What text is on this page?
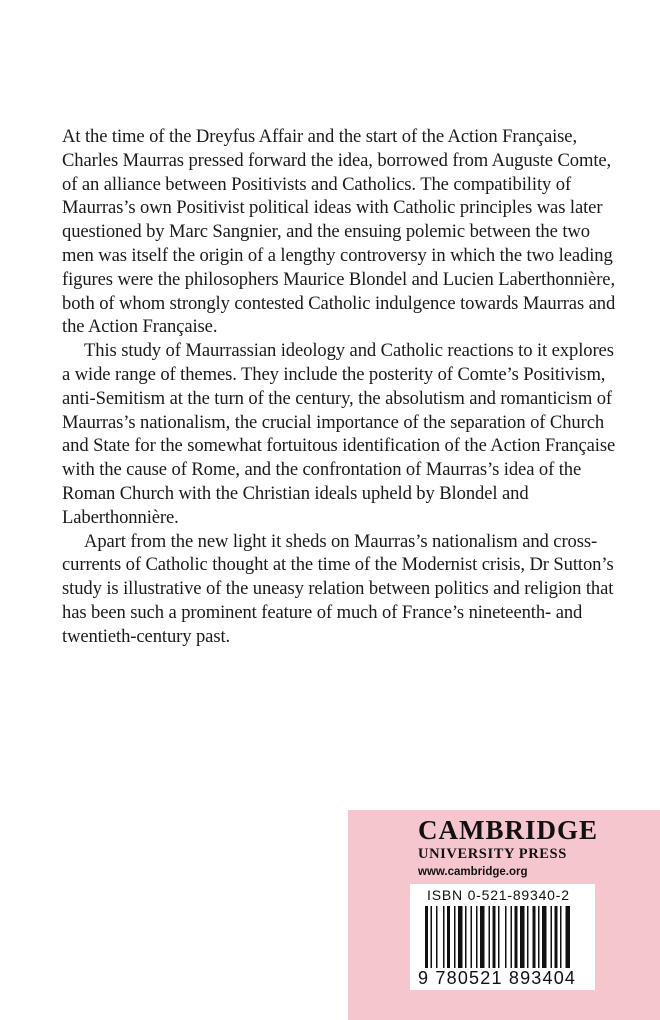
At the time of the Dreyfus Affair and the start of the Action Française, Charles Maurras pressed forward the idea, borrowed from Auguste Comte, of an alliance between Positivists and Catholics. The compatibility of Maurras’s own Positivist political ideas with Catholic principles was later questioned by Marc Sangnier, and the ensuing polemic between the two men was itself the origin of a lengthy controversy in which the two leading figures were the philosophers Maurice Blondel and Lucien Laberthonnière, both of whom strongly contested Catholic indulgence towards Maurras and the Action Française.

This study of Maurrassian ideology and Catholic reactions to it explores a wide range of themes. They include the posterity of Comte’s Positivism, anti-Semitism at the turn of the century, the absolutism and romanticism of Maurras’s nationalism, the crucial importance of the separation of Church and State for the somewhat fortuitous identification of the Action Française with the cause of Rome, and the confrontation of Maurras’s idea of the Roman Church with the Christian ideals upheld by Blondel and Laberthonnière.

Apart from the new light it sheds on Maurras’s nationalism and cross-currents of Catholic thought at the time of the Modernist crisis, Dr Sutton’s study is illustrative of the uneasy relation between politics and religion that has been such a prominent feature of much of France’s nineteenth- and twentieth-century past.

CAMBRIDGE
UNIVERSITY PRESS
www.cambridge.org
ISBN 0-521-89340-2
9 780521 893404
